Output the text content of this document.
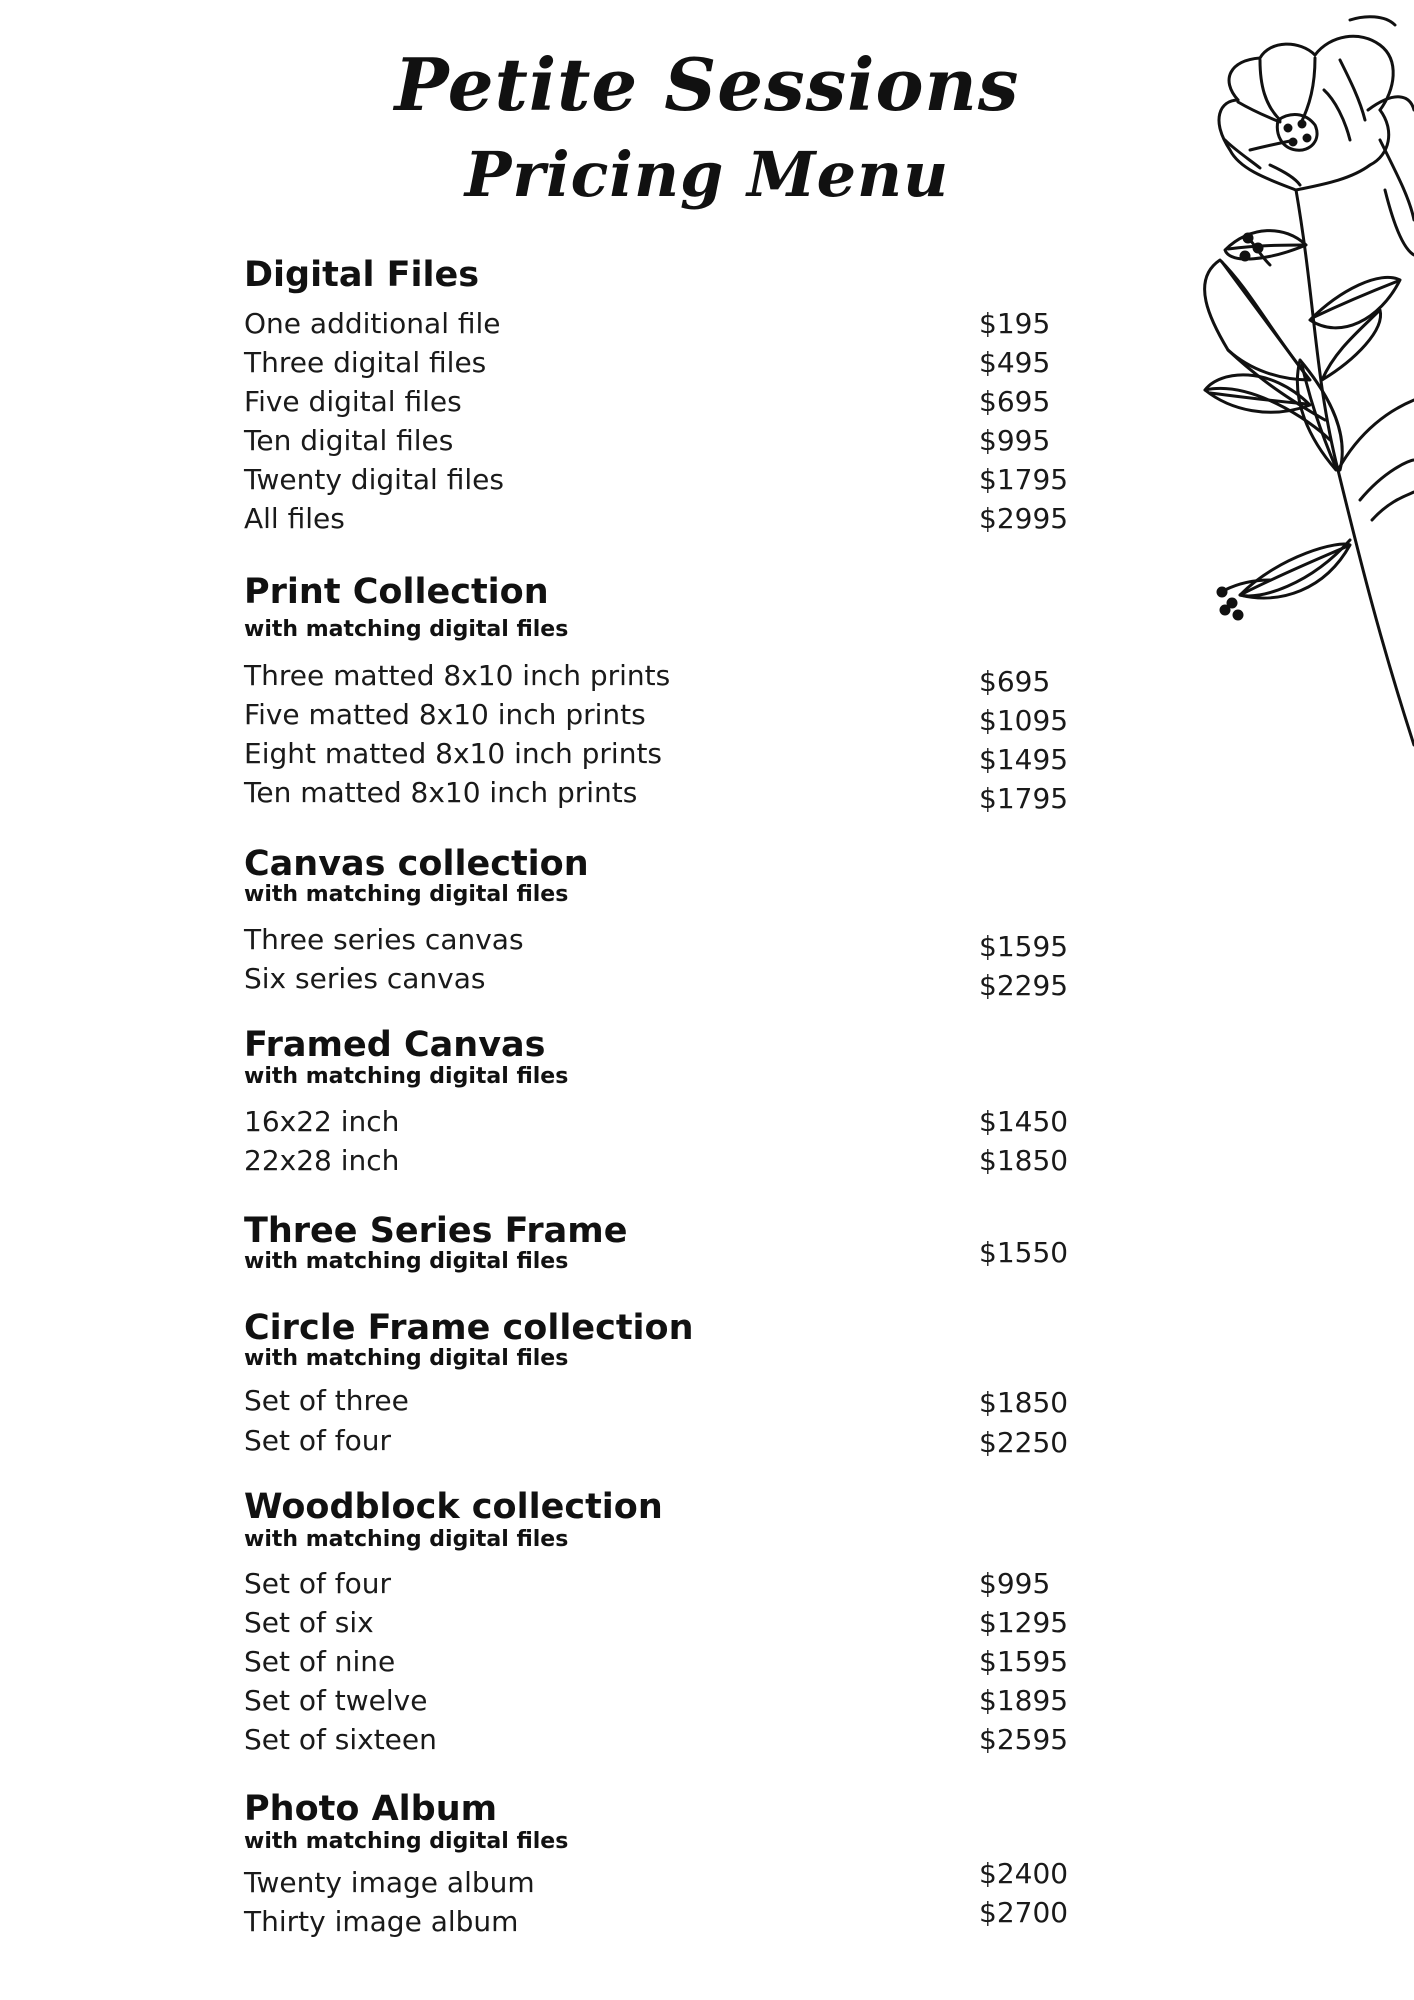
Petite Sessions
Pricing Menu
Digital Files
One additional file	$195
Three digital files	$495
Five digital files	$695
Ten digital files	$995
Twenty digital files	$1795
All files	$2995
Print Collection
with matching digital files
Three matted 8x10 inch prints	$695
Five matted 8x10 inch prints	$1095
Eight matted 8x10 inch prints	$1495
Ten matted 8x10 inch prints	$1795
Canvas collection
with matching digital files
Three series canvas	$1595
Six series canvas	$2295
Framed Canvas
with matching digital files
16x22 inch	$1450
22x28 inch	$1850
Three Series Frame
with matching digital files	$1550
Circle Frame collection
with matching digital files
Set of three	$1850
Set of four	$2250
Woodblock collection
with matching digital files
Set of four	$995
Set of six	$1295
Set of nine	$1595
Set of twelve	$1895
Set of sixteen	$2595
Photo Album
with matching digital files
Twenty image album	$2400
Thirty image album	$2700
